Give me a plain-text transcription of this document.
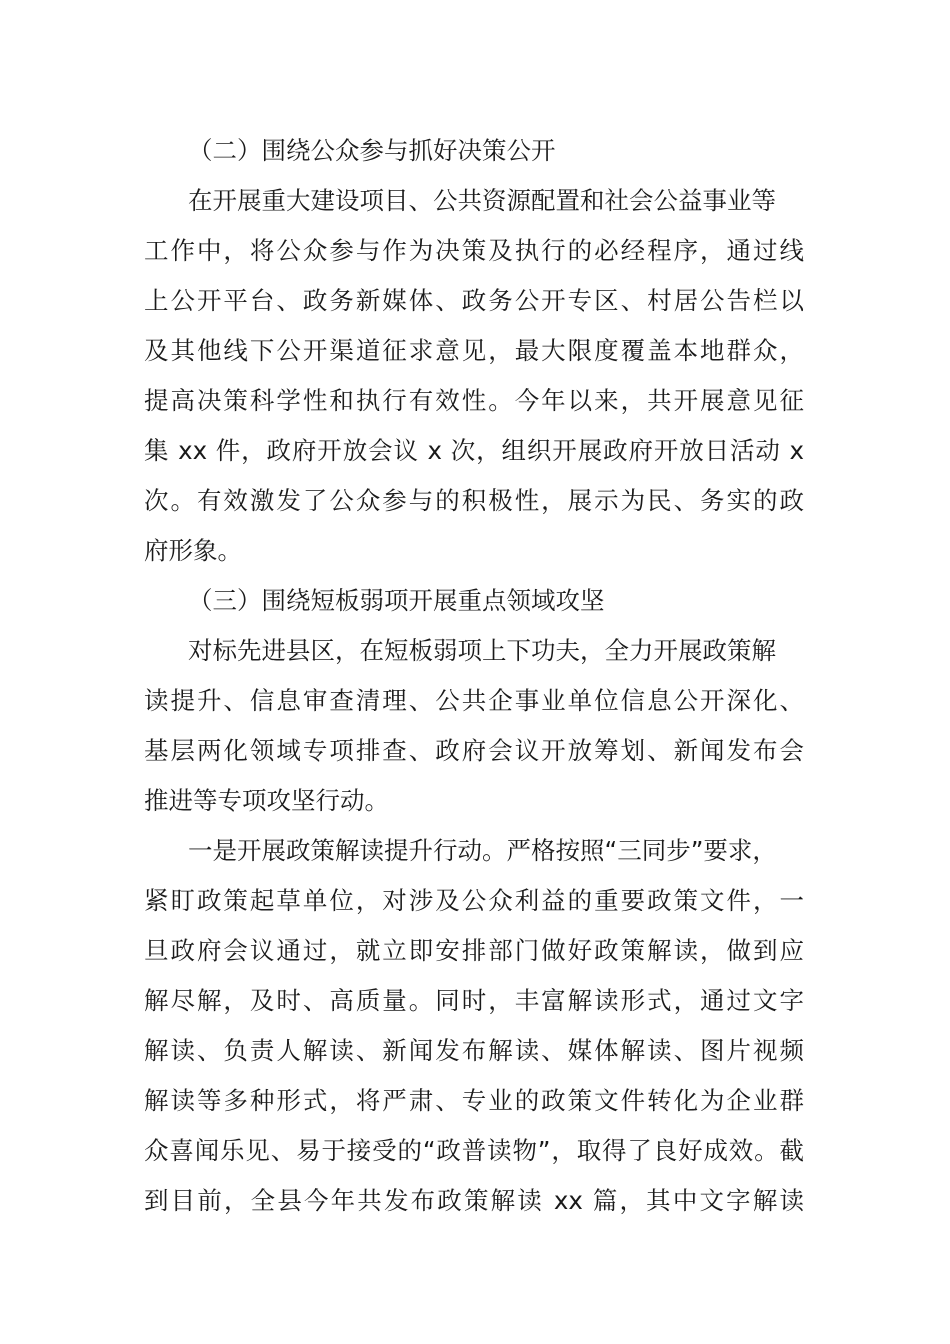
（二）围绕公众参与抓好决策公开
在开展重大建设项目、公共资源配置和社会公益事业等
工作中，将公众参与作为决策及执行的必经程序，通过线
上公开平台、政务新媒体、政务公开专区、村居公告栏以
及其他线下公开渠道征求意见，最大限度覆盖本地群众，
提高决策科学性和执行有效性。今年以来，共开展意见征
集 xx 件，政府开放会议 x 次，组织开展政府开放日活动 x
次。有效激发了公众参与的积极性，展示为民、务实的政
府形象。
（三）围绕短板弱项开展重点领域攻坚
对标先进县区，在短板弱项上下功夫，全力开展政策解
读提升、信息审查清理、公共企事业单位信息公开深化、
基层两化领域专项排查、政府会议开放筹划、新闻发布会
推进等专项攻坚行动。
一是开展政策解读提升行动。严格按照“三同步”要求，
紧盯政策起草单位，对涉及公众利益的重要政策文件，一
旦政府会议通过，就立即安排部门做好政策解读，做到应
解尽解，及时、高质量。同时，丰富解读形式，通过文字
解读、负责人解读、新闻发布解读、媒体解读、图片视频
解读等多种形式，将严肃、专业的政策文件转化为企业群
众喜闻乐见、易于接受的“政普读物”，取得了良好成效。截
到目前，全县今年共发布政策解读 xx 篇，其中文字解读
